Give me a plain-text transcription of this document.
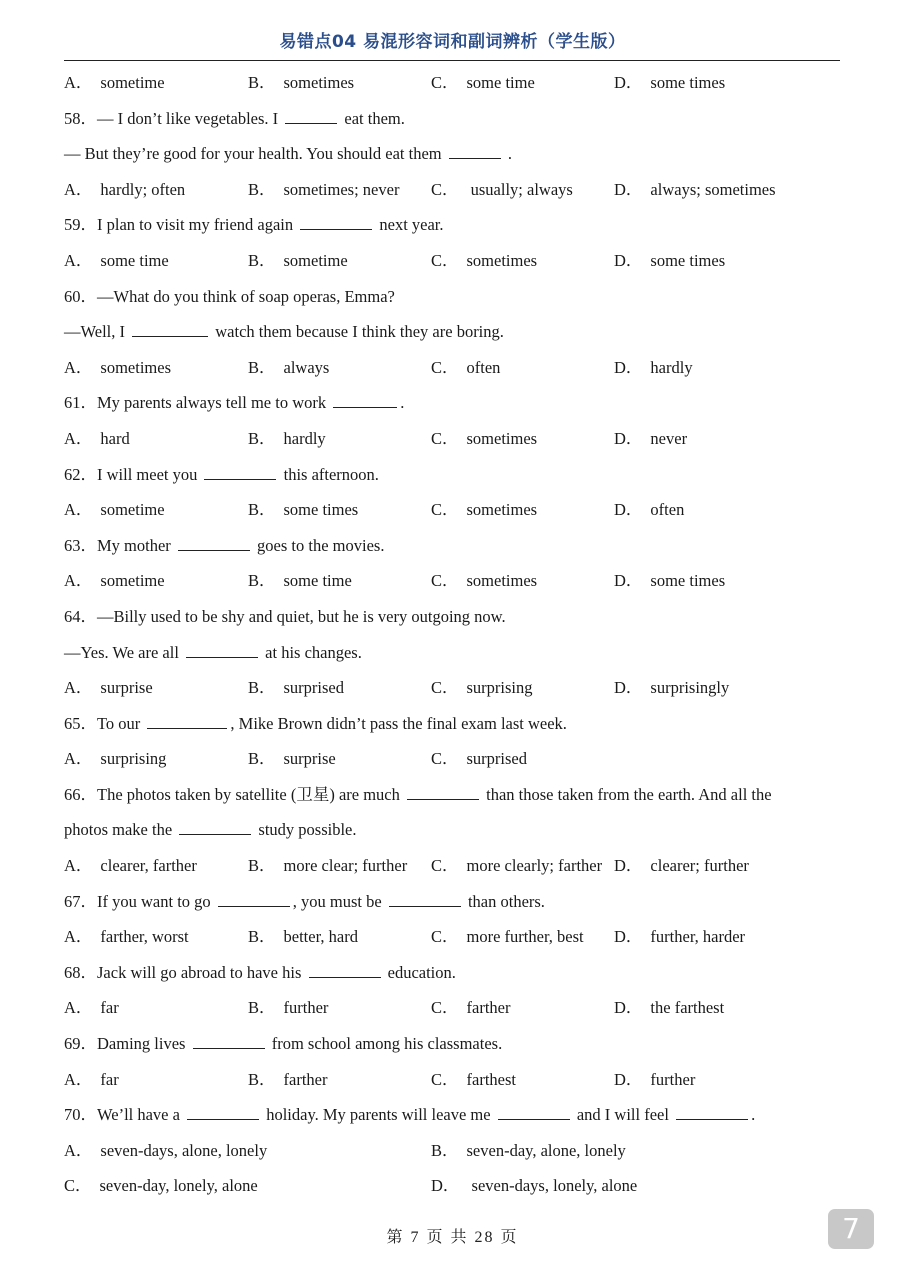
易错点04 易混形容词和副词辨析（学生版）
A． sometime	B． sometimes	C． some time	D． some times
58．— I don’t like vegetables. I	eat them.
— But they’re good for your health. You should eat them	.
A． hardly; often	B． sometimes; never C． usually; always D． always; sometimes
59．I plan to visit my friend again	next year.
A． some time	B． sometime	C． sometimes	D． some times
60．—What do you think of soap operas, Emma?
—Well, I	watch them because I think they are boring.
A． sometimes	B． always	C． often	D． hardly
61．My parents always tell me to work	.
A． hard	B． hardly	C． sometimes	D． never
62．I will meet you	this afternoon.
A． sometime	B． some times	C． sometimes	D． often
63．My mother	goes to the movies.
A． sometime	B． some time	C． sometimes	D． some times
64．—Billy used to be shy and quiet, but he is very outgoing now.
—Yes. We are all	at his changes.
A． surprise	B． surprised	C． surprising	D． surprisingly
65．To our	, Mike Brown didn’t pass the final exam last week.
A． surprising	B． surprise	C． surprised
66．The photos taken by satellite (卫星) are much	than those taken from the earth. And all the
photos make the	study possible.
A． clearer, farther	B． more clear; further C． more clearly; farther D． clearer; further
67．If you want to go	, you must be	than others.
A． farther, worst	B． better, hard	C． more further, best D． further, harder
68．Jack will go abroad to have his	education.
A． far	B． further	C． farther	D． the farthest
69．Daming lives	from school among his classmates.
A． far	B． farther	C． farthest	D． further
70．We’ll have a	holiday. My parents will leave me	and I will feel	.
A． seven-days, alone, lonely	B． seven-day, alone, lonely
C． seven-day, lonely, alone	D． seven-days, lonely, alone
第 7 页 共 28 页	7
